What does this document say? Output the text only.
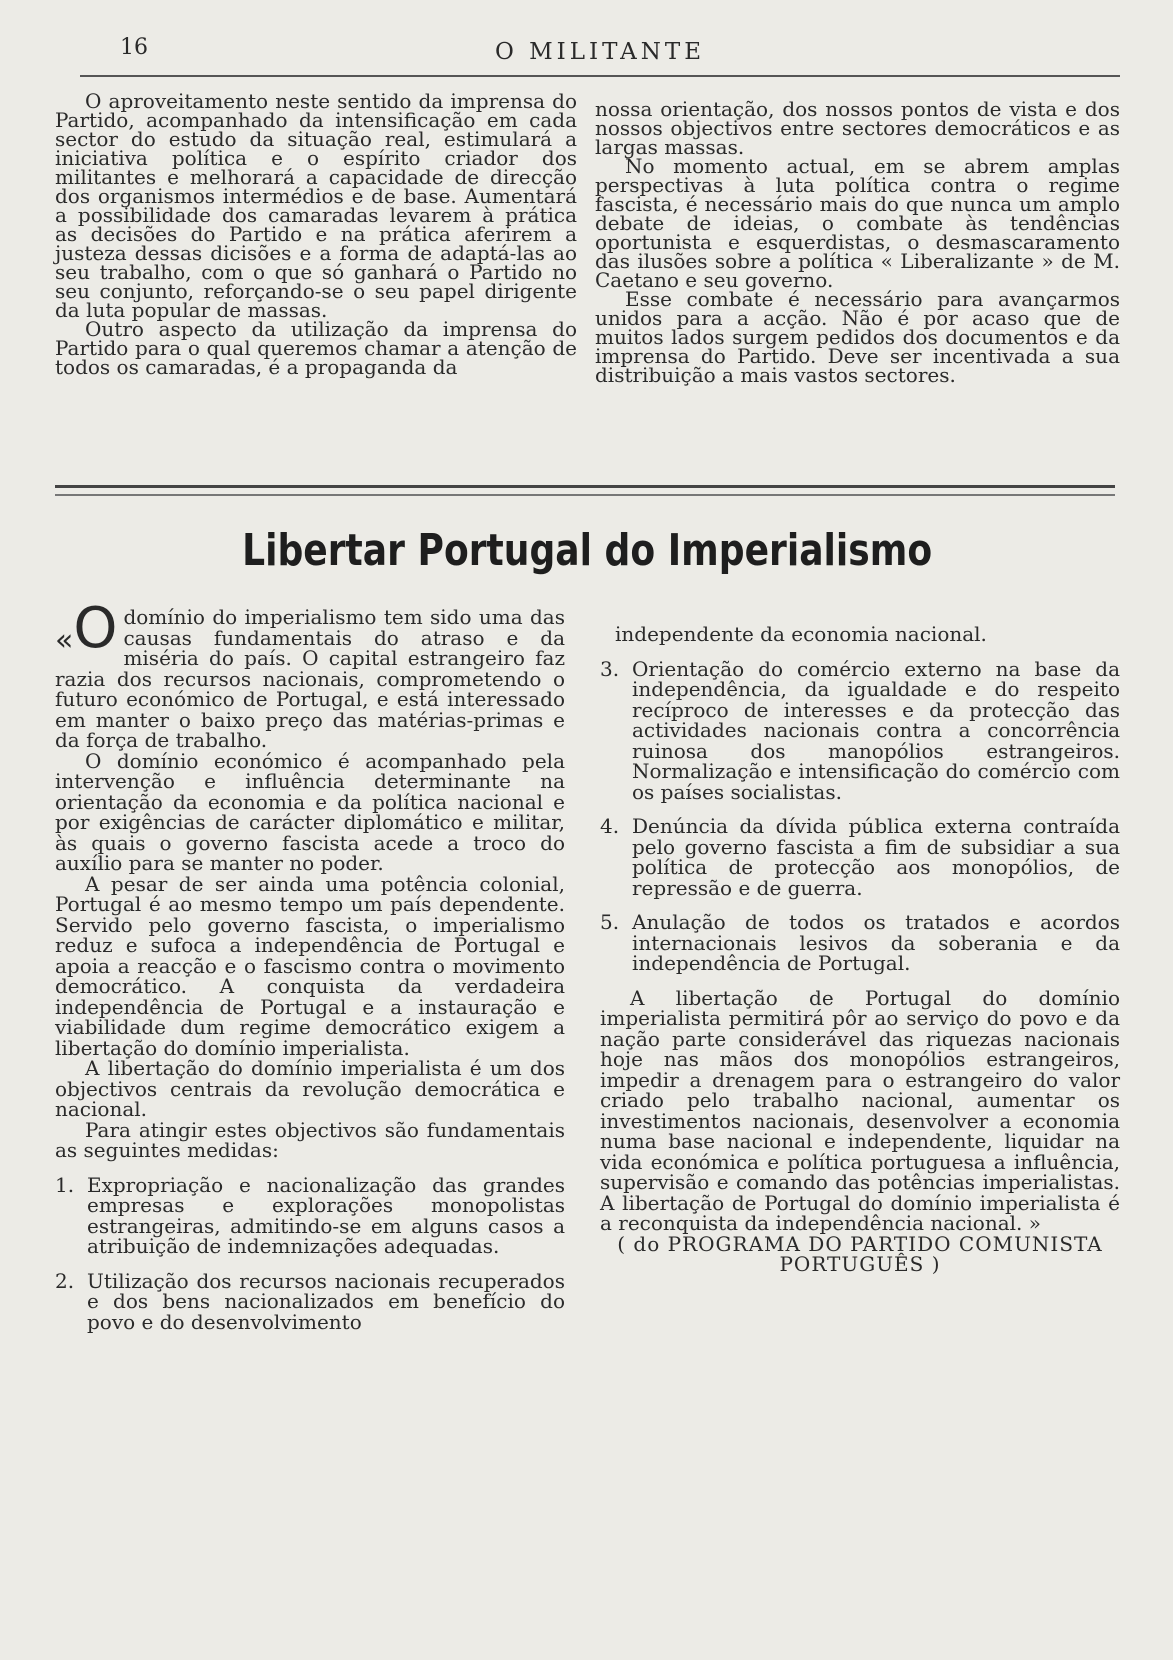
16	O MILITANTE

O aproveitamento neste sentido da imprensa do Partido, acompanhado da intensificação em cada sector do estudo da situação real, estimulará a iniciativa política e o espírito criador dos militantes e melhorará a capacidade de direcção dos organismos intermédios e de base. Aumentará a possibilidade dos camaradas levarem à prática as decisões do Partido e na prática aferirem a justeza dessas dicisões e a forma de adaptá-las ao seu trabalho, com o que só ganhará o Partido no seu conjunto, reforçando-se o seu papel dirigente da luta popular de massas.

Outro aspecto da utilização da imprensa do Partido para o qual queremos chamar a atenção de todos os camaradas, é a propaganda da

nossa orientação, dos nossos pontos de vista e dos nossos objectivos entre sectores democráticos e as largas massas.

No momento actual, em se abrem amplas perspectivas à luta política contra o regime fascista, é necessário mais do que nunca um amplo debate de ideias, o combate às tendências oportunista e esquerdistas, o desmascaramento das ilusões sobre a política « Liberalizante » de M. Caetano e seu governo.

Esse combate é necessário para avançarmos unidos para a acção. Não é por acaso que de muitos lados surgem pedidos dos documentos e da imprensa do Partido. Deve ser incentivada a sua distribuição a mais vastos sectores.

Libertar Portugal do Imperialismo

«O domínio do imperialismo tem sido uma das causas fundamentais do atraso e da miséria do país. O capital estrangeiro faz razia dos recursos nacionais, comprometendo o futuro económico de Portugal, e está interessado em manter o baixo preço das matérias-primas e da força de trabalho.

O domínio económico é acompanhado pela intervenção e influência determinante na orientação da economia e da política nacional e por exigências de carácter diplomático e militar, às quais o governo fascista acede a troco do auxílio para se manter no poder.

A pesar de ser ainda uma potência colonial, Portugal é ao mesmo tempo um país dependente. Servido pelo governo fascista, o imperialismo reduz e sufoca a independência de Portugal e apoia a reacção e o fascismo contra o movimento democrático. A conquista da verdadeira independência de Portugal e a instauração e viabilidade dum regime democrático exigem a libertação do domínio imperialista.

A libertação do domínio imperialista é um dos objectivos centrais da revolução democrática e nacional.

Para atingir estes objectivos são fundamentais as seguintes medidas:

1. Expropriação e nacionalização das grandes empresas e explorações monopolistas estrangeiras, admitindo-se em alguns casos a atribuição de indemnizações adequadas.

2. Utilização dos recursos nacionais recuperados e dos bens nacionalizados em benefício do povo e do desenvolvimento

independente da economia nacional.

3. Orientação do comércio externo na base da independência, da igualdade e do respeito recíproco de interesses e da protecção das actividades nacionais contra a concorrência ruinosa dos manopólios estrangeiros. Normalização e intensificação do comércio com os países socialistas.

4. Denúncia da dívida pública externa contraída pelo governo fascista a fim de subsidiar a sua política de protecção aos monopólios, de repressão e de guerra.

5. Anulação de todos os tratados e acordos internacionais lesivos da soberania e da independência de Portugal.

A libertação de Portugal do domínio imperialista permitirá pôr ao serviço do povo e da nação parte considerável das riquezas nacionais hoje nas mãos dos monopólios estrangeiros, impedir a drenagem para o estrangeiro do valor criado pelo trabalho nacional, aumentar os investimentos nacionais, desenvolver a economia numa base nacional e independente, liquidar na vida económica e política portuguesa a influência, supervisão e comando das potências imperialistas. A libertação de Portugal do domínio imperialista é a reconquista da independência nacional. »

( do PROGRAMA DO PARTIDO COMUNISTA PORTUGUÊS )
